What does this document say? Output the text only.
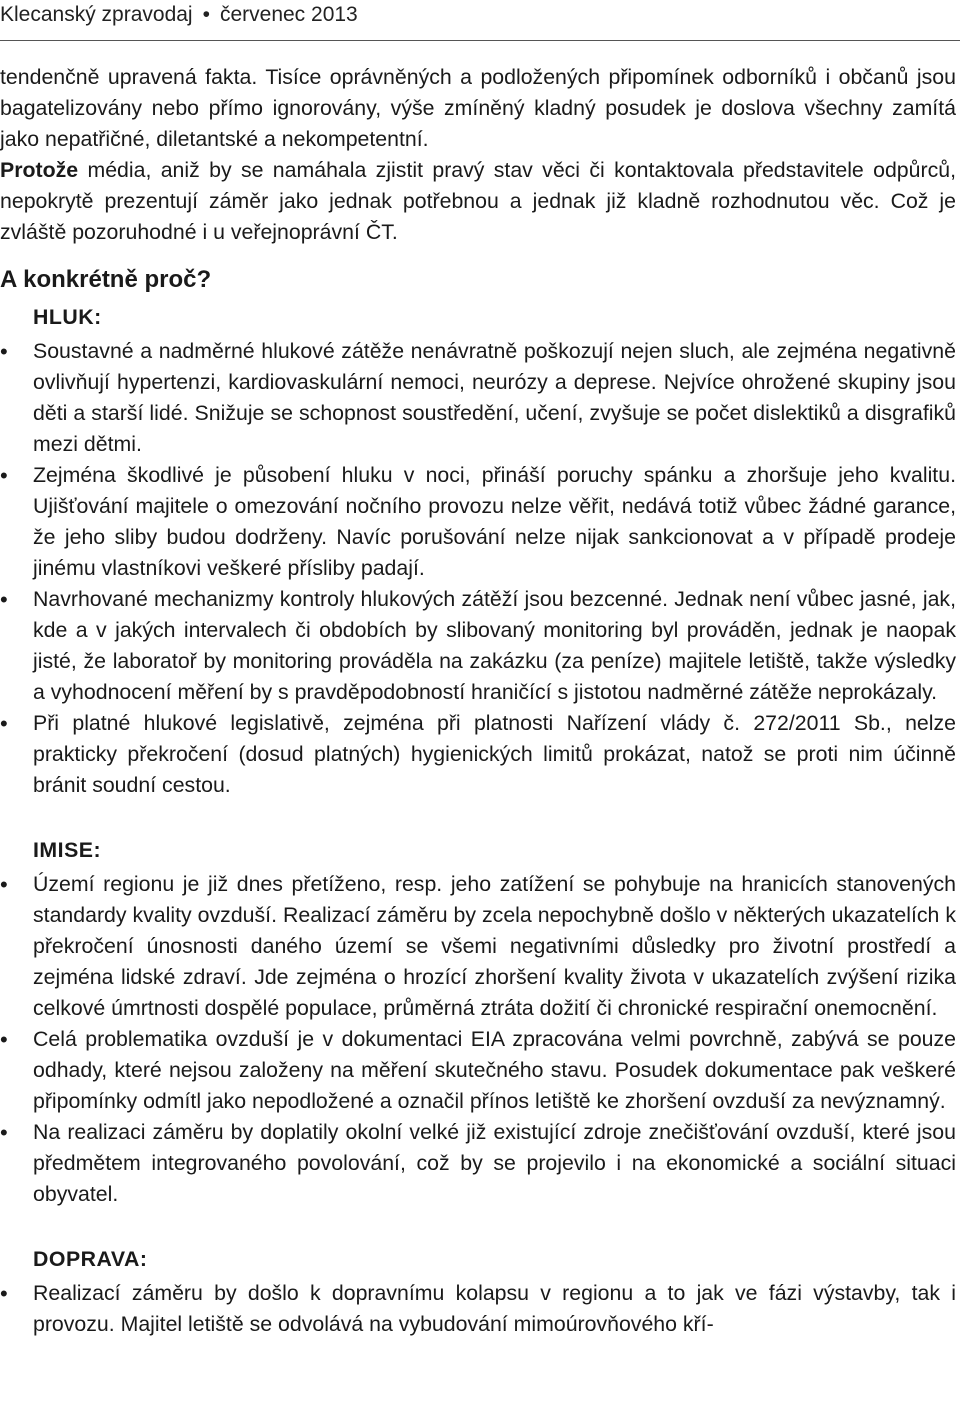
Klecanský zpravodaj • červenec 2013

tendenčně upravená fakta. Tisíce oprávněných a podložených připomínek odborníků i občanů jsou bagatelizovány nebo přímo ignorovány, výše zmíněný kladný posudek je doslova všechny zamítá jako nepatřičné, diletantské a nekompetentní.

Protože média, aniž by se namáhala zjistit pravý stav věci či kontaktovala představitele odpůrců, nepokrytě prezentují záměr jako jednak potřebnou a jednak již kladně rozhodnutou věc. Což je zvláště pozoruhodné i u veřejnoprávní ČT.

A konkrétně proč?
HLUK:
• Soustavné a nadměrné hlukové zátěže nenávratně poškozují nejen sluch, ale zejména negativně ovlivňují hypertenzi, kardiovaskulární nemoci, neurózy a deprese. Nejvíce ohrožené skupiny jsou děti a starší lidé. Snižuje se schopnost soustředění, učení, zvyšuje se počet dislektiků a disgrafiků mezi dětmi.
• Zejména škodlivé je působení hluku v noci, přináší poruchy spánku a zhoršuje jeho kvalitu. Ujišťování majitele o omezování nočního provozu nelze věřit, nedává totiž vůbec žádné garance, že jeho sliby budou dodrženy. Navíc porušování nelze nijak sankcionovat a v případě prodeje jinému vlastníkovi veškeré přísliby padají.
• Navrhované mechanizmy kontroly hlukových zátěží jsou bezcenné. Jednak není vůbec jasné, jak, kde a v jakých intervalech či obdobích by slibovaný monitoring byl prováděn, jednak je naopak jisté, že laboratoř by monitoring prováděla na zakázku (za peníze) majitele letiště, takže výsledky a vyhodnocení měření by s pravděpodobností hraničící s jistotou nadměrné zátěže neprokázaly.
• Při platné hlukové legislativě, zejména při platnosti Nařízení vlády č. 272/2011 Sb., nelze prakticky překročení (dosud platných) hygienických limitů prokázat, natož se proti nim účinně bránit soudní cestou.
IMISE:
• Území regionu je již dnes přetíženo, resp. jeho zatížení se pohybuje na hranicích stanovených standardy kvality ovzduší. Realizací záměru by zcela nepochybně došlo v některých ukazatelích k překročení únosnosti daného území se všemi negativními důsledky pro životní prostředí a zejména lidské zdraví. Jde zejména o hrozící zhoršení kvality života v ukazatelích zvýšení rizika celkové úmrtnosti dospělé populace, průměrná ztráta dožití či chronické respirační onemocnění.
• Celá problematika ovzduší je v dokumentaci EIA zpracována velmi povrchně, zabývá se pouze odhady, které nejsou založeny na měření skutečného stavu. Posudek dokumentace pak veškeré připomínky odmítl jako nepodložené a označil přínos letiště ke zhoršení ovzduší za nevýznamný.
• Na realizaci záměru by doplatily okolní velké již existující zdroje znečišťování ovzduší, které jsou předmětem integrovaného povolování, což by se projevilo i na ekonomické a sociální situaci obyvatel.
DOPRAVA:
• Realizací záměru by došlo k dopravnímu kolapsu v regionu a to jak ve fázi výstavby, tak i provozu. Majitel letiště se odvolává na vybudování mimoúrovňového kří-
